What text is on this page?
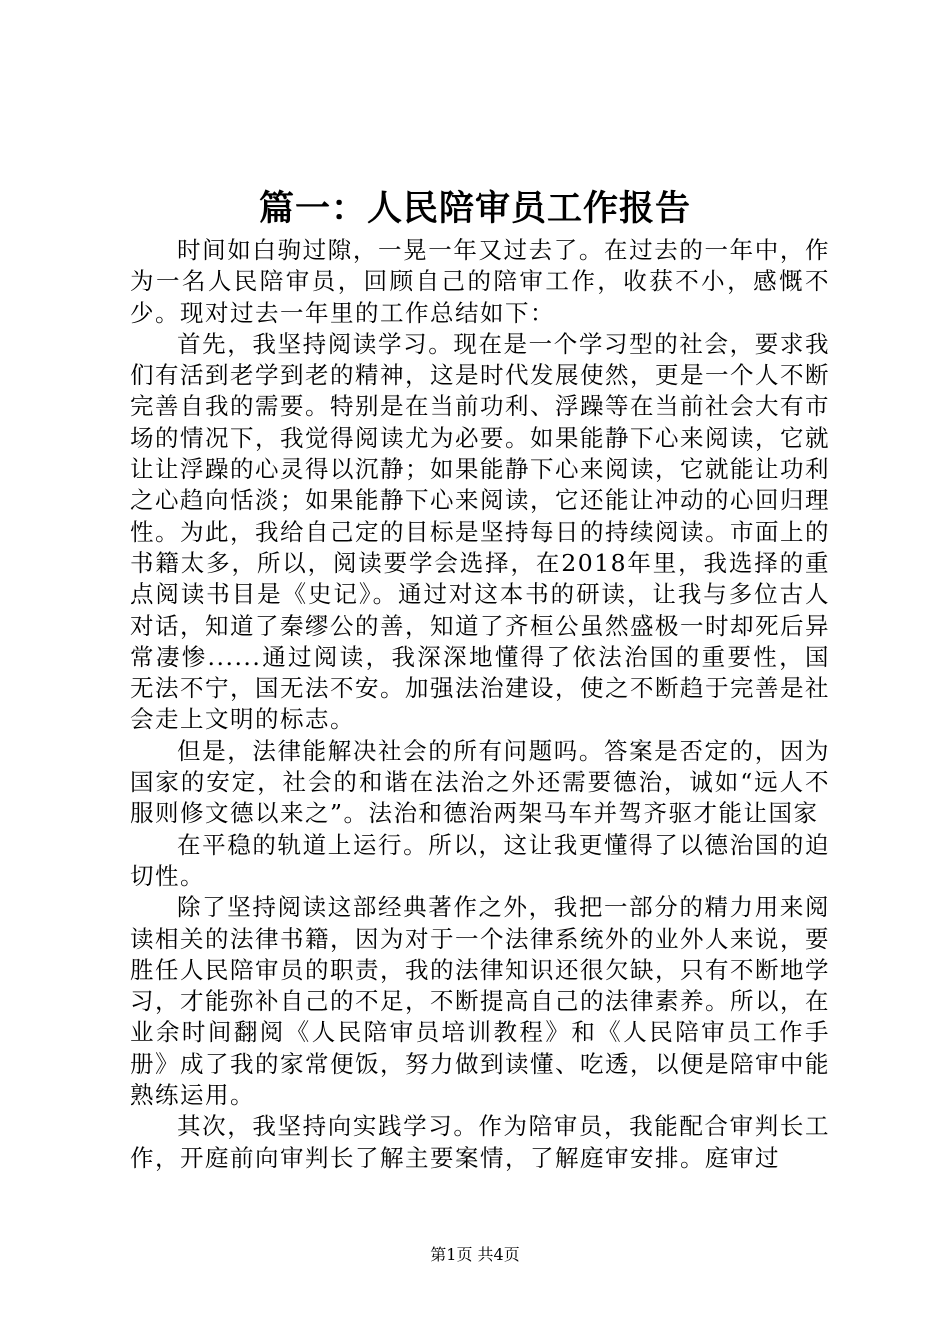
篇一：人民陪审员工作报告

时间如白驹过隙，一晃一年又过去了。在过去的一年中，作为一名人民陪审员，回顾自己的陪审工作，收获不小，感慨不少。现对过去一年里的工作总结如下：

首先，我坚持阅读学习。现在是一个学习型的社会，要求我们有活到老学到老的精神，这是时代发展使然，更是一个人不断完善自我的需要。特别是在当前功利、浮躁等在当前社会大有市场的情况下，我觉得阅读尤为必要。如果能静下心来阅读，它就让让浮躁的心灵得以沉静；如果能静下心来阅读，它就能让功利之心趋向恬淡；如果能静下心来阅读，它还能让冲动的心回归理性。为此，我给自己定的目标是坚持每日的持续阅读。市面上的书籍太多，所以，阅读要学会选择，在2018年里，我选择的重点阅读书目是《史记》。通过对这本书的研读，让我与多位古人对话，知道了秦缪公的善，知道了齐桓公虽然盛极一时却死后异常凄惨......通过阅读，我深深地懂得了依法治国的重要性，国无法不宁，国无法不安。加强法治建设，使之不断趋于完善是社会走上文明的标志。

但是，法律能解决社会的所有问题吗。答案是否定的，因为国家的安定，社会的和谐在法治之外还需要德治，诚如“远人不服则修文德以来之”。法治和德治两架马车并驾齐驱才能让国家

在平稳的轨道上运行。所以，这让我更懂得了以德治国的迫切性。

除了坚持阅读这部经典著作之外，我把一部分的精力用来阅读相关的法律书籍，因为对于一个法律系统外的业外人来说，要胜任人民陪审员的职责，我的法律知识还很欠缺，只有不断地学习，才能弥补自己的不足，不断提高自己的法律素养。所以，在业余时间翻阅《人民陪审员培训教程》和《人民陪审员工作手册》成了我的家常便饭，努力做到读懂、吃透，以便是陪审中能熟练运用。

其次，我坚持向实践学习。作为陪审员，我能配合审判长工作，开庭前向审判长了解主要案情，了解庭审安排。庭审过

第1页 共4页
